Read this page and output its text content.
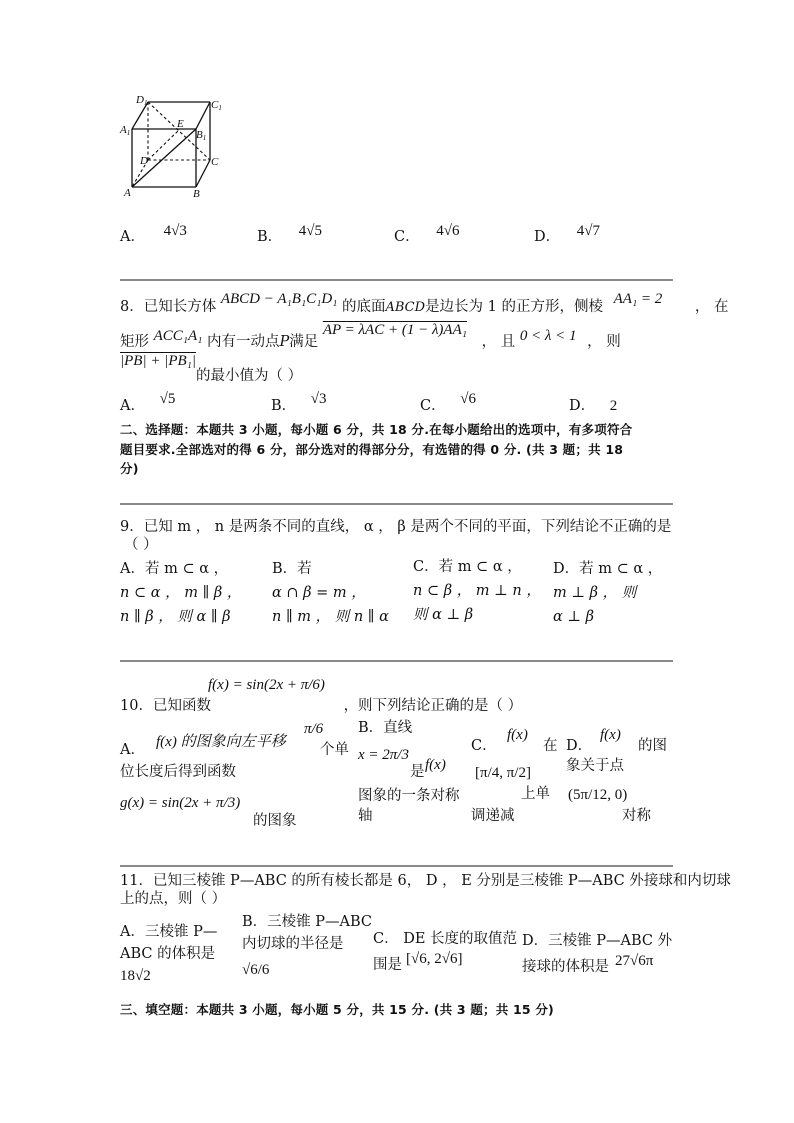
D1	C1
A1
E
B1
D	C
A	B
A． 4√3	B． 4√5	C． 4√6	D． 4√7
8．已知长方体 ABCD − A₁B₁C₁D₁ 的底面ABCD是边长为 1 的正方形，侧棱 AA₁ = 2 ， 在
矩形 ACC₁A₁ 内有一动点P满足 AP = λAC + (1 − λ)AA₁ ， 且 0 < λ < 1 ， 则
|PB| + |PB₁|
的最小值为（ ）
A． √5	B． √3	C． √6	D． 2
二、选择题：本题共 3 小题，每小题 6 分，共 18 分.在每小题给出的选项中，有多项符合
题目要求.全部选对的得 6 分，部分选对的得部分分，有选错的得 0 分. (共 3 题；共 18
分)
9．已知 m ， n 是两条不同的直线， α ， β 是两个不同的平面，下列结论不正确的是
（ ）
A．若 m ⊂ α ，
n ⊂ α ， m ∥ β ，
n ∥ β ， 则 α ∥ β
B．若
α ∩ β = m ，
n ∥ m ， 则 n ∥ α
C．若 m ⊂ α ，
n ⊂ β ， m ⊥ n ，
则 α ⊥ β
D．若 m ⊂ α ，
m ⊥ β ， 则
α ⊥ β
f(x) = sin(2x + π/6)
10．已知函数	，则下列结论正确的是（ ）
A． f(x) 的图象向左平移
π/6
个单
位长度后得到函数
g(x) = sin(2x + π/3)
的图象
B．直线
x = 2π/3
是 f(x)
图象的一条对称
轴
C．
f(x)
在
[π/4, π/2]
上单
调递减
D．
f(x)
的图
象关于点
(5π/12, 0)
对称
11．已知三棱锥 P—ABC 的所有棱长都是 6， D ， E 分别是三棱锥 P—ABC 外接球和内切球
上的点，则（ ）
A．三棱锥 P—
ABC 的体积是
18√2
B．三棱锥 P—ABC
内切球的半径是
√6/6
C． DE 长度的取值范
围是 [√6, 2√6]
D．三棱锥 P—ABC 外
接球的体积是 27√6π
三、填空题：本题共 3 小题，每小题 5 分，共 15 分. (共 3 题；共 15 分)
